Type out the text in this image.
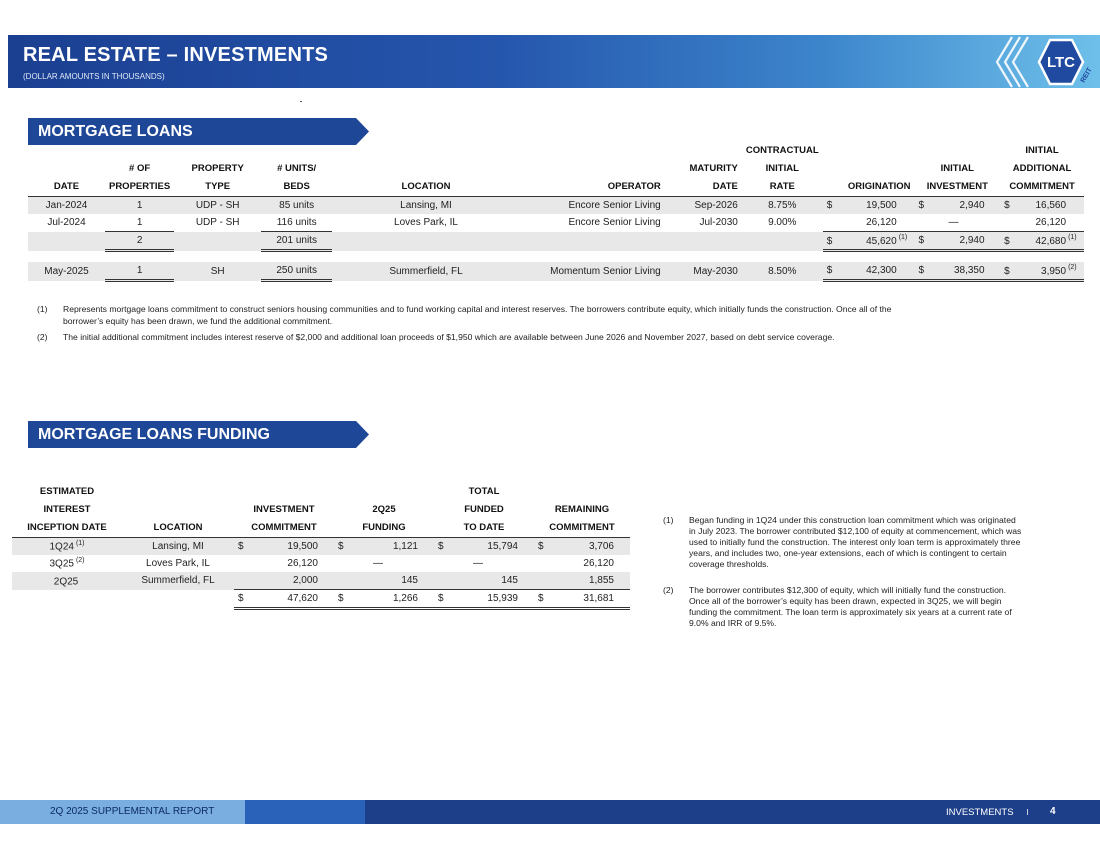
REAL ESTATE – INVESTMENTS
(DOLLAR AMOUNTS IN THOUSANDS)
LTC
REIT
MORTGAGE LOANS
							CONTRACTUAL			INITIAL
	# OF	PROPERTY	# UNITS/			MATURITY	INITIAL		INITIAL	ADDITIONAL
DATE	PROPERTIES	TYPE	BEDS	LOCATION	OPERATOR	DATE	RATE	ORIGINATION	INVESTMENT	COMMITMENT
Jan-2024	1	UDP - SH	85 units	Lansing, MI	Encore Senior Living	Sep-2026	8.75%	$ 19,500	$ 2,940	$ 16,560
Jul-2024	1	UDP - SH	116 units	Loves Park, IL	Encore Senior Living	Jul-2030	9.00%	26,120	—	26,120
	2		201 units					$ 45,620 $^{(1)}$	$ 2,940	$ 42,680 $^{(1)}$

May-2025	1	SH	250 units	Summerfield, FL	Momentum Senior Living	May-2030	8.50%	$ 42,300	$ 38,350	$ 3,950 $^{(2)}$
(1) Represents mortgage loans commitment to construct seniors housing communities and to fund working capital and interest reserves. The borrowers contribute equity, which initially funds the construction. Once all of the
borrower’s equity has been drawn, we fund the additional commitment.
(2) The initial additional commitment includes interest reserve of $2,000 and additional loan proceeds of $1,950 which are available between June 2026 and November 2027, based on debt service coverage.
MORTGAGE LOANS FUNDING
ESTIMATED				TOTAL	
INTEREST		INVESTMENT	2Q25	FUNDED	REMAINING
INCEPTION DATE	LOCATION	COMMITMENT	FUNDING	TO DATE	COMMITMENT
1Q24 $^{(1)}$	Lansing, MI	$ 19,500	$ 1,121	$ 15,794	$ 3,706
3Q25 $^{(2)}$	Loves Park, IL	26,120	—	—	26,120
2Q25	Summerfield, FL	2,000	145	145	1,855
		$ 47,620	$ 1,266	$ 15,939	$ 31,681
(1) Began funding in 1Q24 under this construction loan commitment which was originated
in July 2023. The borrower contributed $12,100 of equity at commencement, which was
used to initially fund the construction. The interest only loan term is approximately three
years, and includes two, one-year extensions, each of which is contingent to certain
coverage thresholds.
(2) The borrower contributes $12,300 of equity, which will initially fund the construction.
Once all of the borrower’s equity has been drawn, expected in 3Q25, we will begin
funding the commitment. The loan term is approximately six years at a current rate of
9.0% and IRR of 9.5%.
2Q 2025 SUPPLEMENTAL REPORT	INVESTMENTS I 4
